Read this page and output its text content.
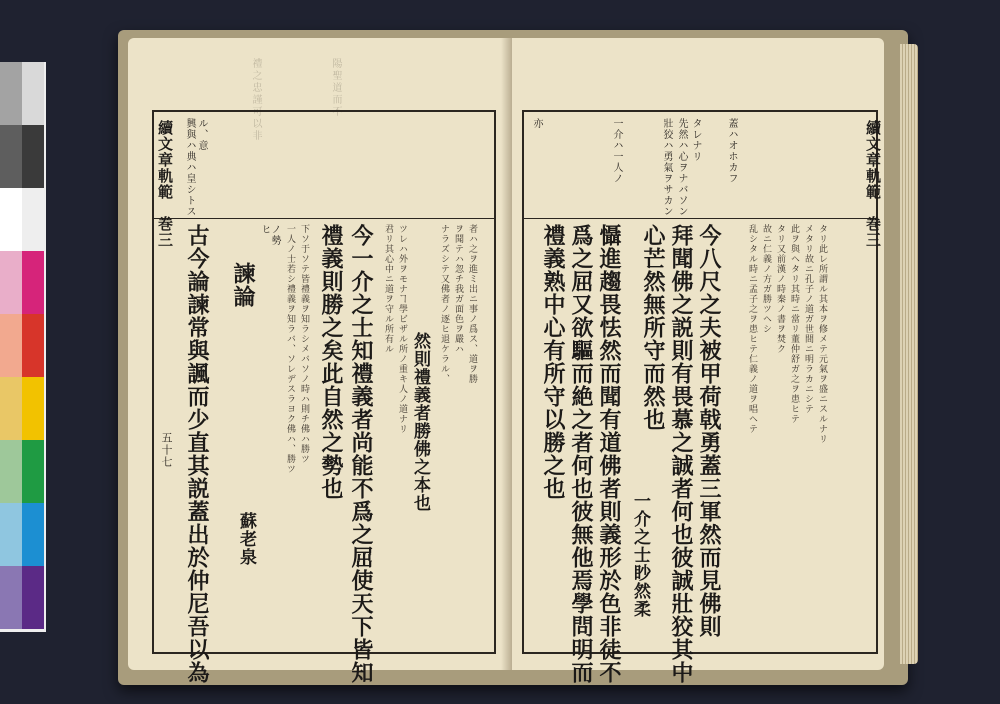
禮之忠謹可以非	陽聖道而不
興與ハ典ハ皇シトス ル、意
續文章軌範　巻三
五十七 古今論諫常與諷而少直其説蓋出於仲尼吾以為 諫論
蘇老泉
ノ勢
ヒ 一人ノ士若シ禮義ヲ知ラバ、ソレデスラヨク佛ハ、勝ツ 下ソ于ソテ皆禮義ヲ知ラシメバソノ時ハ則チ佛ハ勝ツ 禮義則勝之矣此自然之勢也 今一介之士知禮義者尚能不爲之屈使天下皆知 君リ其心中ニ道ヲ守ル所有ル ツレハ外ヲモナヿ學ビザル所ノ重キ人ノ道ナリ 然則禮義者勝佛之本也
ナラズシテ又佛者ノ逐ヒ退ケラル、 ヲ聞テハ忽チ我ガ面色ヲ嚴ハ 者ハ之ヲ進ミ出ニ事ノ爲ス、道ヲ勝
亦	一介ハ一人ノ	壯狡ハ勇氣ヲサカン	蓋ハオホカフ
先然ハ心ヲナバソン タレナリ	續文章軌範　巻三
禮義熟中心有所守以勝之也 爲之屈又欲驅而絶之者何也彼無他焉學問明而 懾進趨畏怯然而聞有道佛者則義形於色非徒不 心芒然無所守而然也
一介之士眇然柔 拜聞佛之説則有畏慕之誠者何也彼誠壯狡其中 今八尺之夫被甲荷戟勇蓋三軍然而見佛則	乱シタル時ニ孟子之ヲ患ヒテ仁義ノ道ヲ唱ヘテ 故ニ仁義ノ方ガ勝ツヘシ タリ又前漢ノ時秦ノ書ヲ焚ク 此ヲ與ヘタリ其時ニ當リ董仲舒ガ之ヲ患ヒテ メタリ故ニ孔子ノ道ガ世間ニ明ラカニシテ タリ此レ所謂ル其本ヲ修メテ元氣ヲ盛ニスルナリ
